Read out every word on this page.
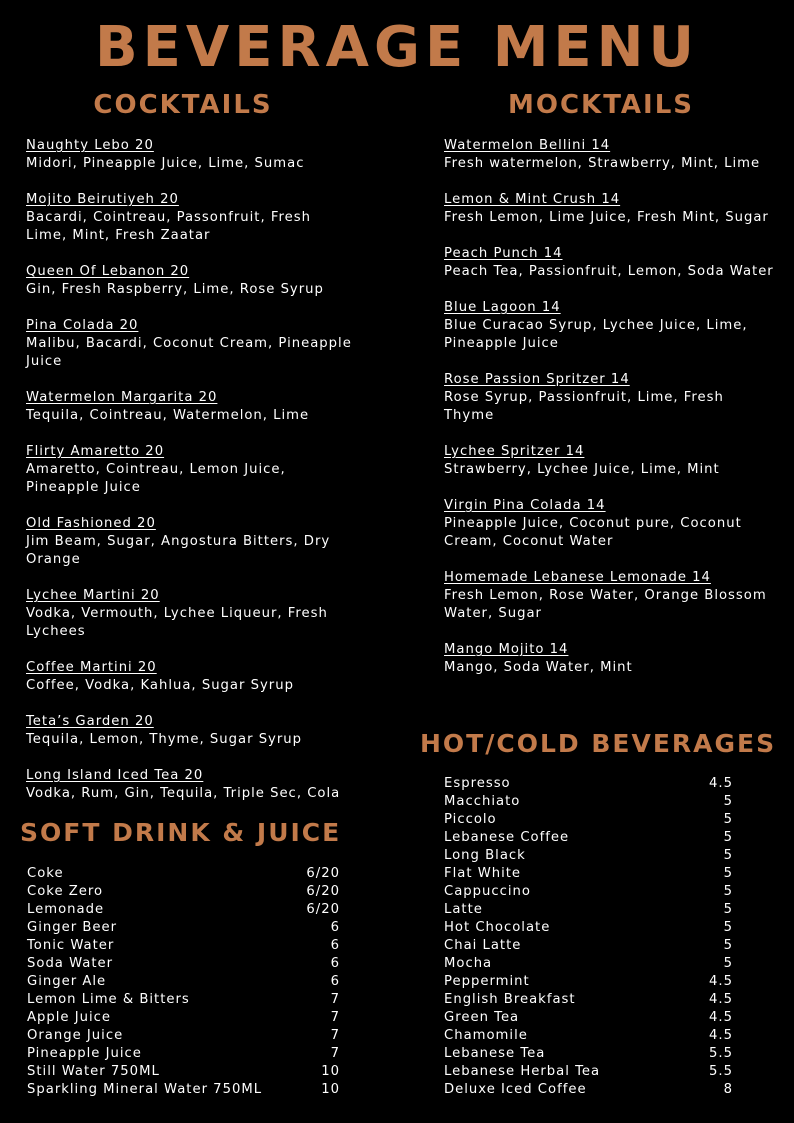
BEVERAGE MENU
COCKTAILS	MOCKTAILS
Naughty Lebo 20
Midori, Pineapple Juice, Lime, Sumac
Mojito Beirutiyeh 20
Bacardi, Cointreau, Passonfruit, Fresh Lime, Mint, Fresh Zaatar
Queen Of Lebanon 20
Gin, Fresh Raspberry, Lime, Rose Syrup
Pina Colada 20
Malibu, Bacardi, Coconut Cream, Pineapple Juice
Watermelon Margarita 20
Tequila, Cointreau, Watermelon, Lime
Flirty Amaretto 20
Amaretto, Cointreau, Lemon Juice, Pineapple Juice
Old Fashioned 20
Jim Beam, Sugar, Angostura Bitters, Dry Orange
Lychee Martini 20
Vodka, Vermouth, Lychee Liqueur, Fresh Lychees
Coffee Martini 20
Coffee, Vodka, Kahlua, Sugar Syrup
Teta’s Garden 20
Tequila, Lemon, Thyme, Sugar Syrup
Long Island Iced Tea 20
Vodka, Rum, Gin, Tequila, Triple Sec, Cola
Watermelon Bellini 14
Fresh watermelon, Strawberry, Mint, Lime
Lemon & Mint Crush 14
Fresh Lemon, Lime Juice, Fresh Mint, Sugar
Peach Punch 14
Peach Tea, Passionfruit, Lemon, Soda Water
Blue Lagoon 14
Blue Curacao Syrup, Lychee Juice, Lime, Pineapple Juice
Rose Passion Spritzer 14
Rose Syrup, Passionfruit, Lime, Fresh Thyme
Lychee Spritzer 14
Strawberry, Lychee Juice, Lime, Mint
Virgin Pina Colada 14
Pineapple Juice, Coconut pure, Coconut Cream, Coconut Water
Homemade Lebanese Lemonade 14
Fresh Lemon, Rose Water, Orange Blossom Water, Sugar
Mango Mojito 14
Mango, Soda Water, Mint
HOT/COLD BEVERAGES
Espresso	4.5
Macchiato	5
Piccolo	5
Lebanese Coffee	5
Long Black	5
Flat White	5
Cappuccino	5
Latte	5
Hot Chocolate	5
Chai Latte	5
Mocha	5
Peppermint	4.5
English Breakfast	4.5
Green Tea	4.5
Chamomile	4.5
Lebanese Tea	5.5
Lebanese Herbal Tea	5.5
Deluxe Iced Coffee	8
SOFT DRINK & JUICE
Coke	6/20
Coke Zero	6/20
Lemonade	6/20
Ginger Beer	6
Tonic Water	6
Soda Water	6
Ginger Ale	6
Lemon Lime & Bitters	7
Apple Juice	7
Orange Juice	7
Pineapple Juice	7
Still Water 750ML	10
Sparkling Mineral Water 750ML	10
